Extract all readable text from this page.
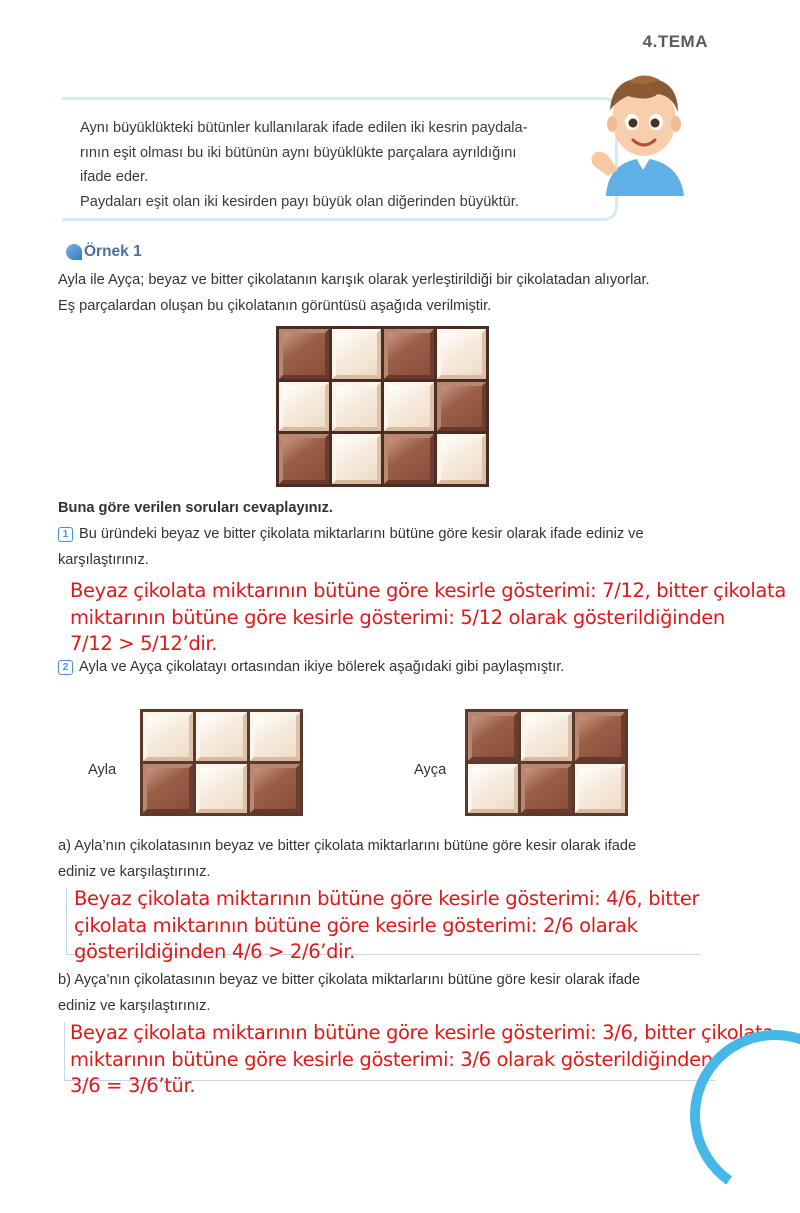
4.TEMA

Aynı büyüklükteki bütünler kullanılarak ifade edilen iki kesrin paydala-

rının eşit olması bu iki bütünün aynı büyüklükte parçalara ayrıldığını

ifade eder.

Paydaları eşit olan iki kesirden payı büyük olan diğerinden büyüktür.

Örnek 1
Ayla ile Ayça; beyaz ve bitter çikolatanın karışık olarak yerleştirildiği bir çikolatadan alıyorlar.
Eş parçalardan oluşan bu çikolatanın görüntüsü aşağıda verilmiştir.
Buna göre verilen soruları cevaplayınız.
1 Bu üründeki beyaz ve bitter çikolata miktarlarını bütüne göre kesir olarak ifade ediniz ve
karşılaştırınız.
Beyaz çikolata miktarının bütüne göre kesirle gösterimi: 7/12, bitter çikolata
miktarının bütüne göre kesirle gösterimi: 5/12 olarak gösterildiğinden
7/12 > 5/12’dir.
2 Ayla ve Ayça çikolatayı ortasından ikiye bölerek aşağıdaki gibi paylaşmıştır.
Ayla	Ayça
a) Ayla’nın çikolatasının beyaz ve bitter çikolata miktarlarını bütüne göre kesir olarak ifade
ediniz ve karşılaştırınız.
Beyaz çikolata miktarının bütüne göre kesirle gösterimi: 4/6, bitter
çikolata miktarının bütüne göre kesirle gösterimi: 2/6 olarak
gösterildiğinden 4/6 > 2/6’dir.
b) Ayça’nın çikolatasının beyaz ve bitter çikolata miktarlarını bütüne göre kesir olarak ifade
ediniz ve karşılaştırınız.
Beyaz çikolata miktarının bütüne göre kesirle gösterimi: 3/6, bitter çikolata
miktarının bütüne göre kesirle gösterimi: 3/6 olarak gösterildiğinden
3/6 = 3/6’tür.
